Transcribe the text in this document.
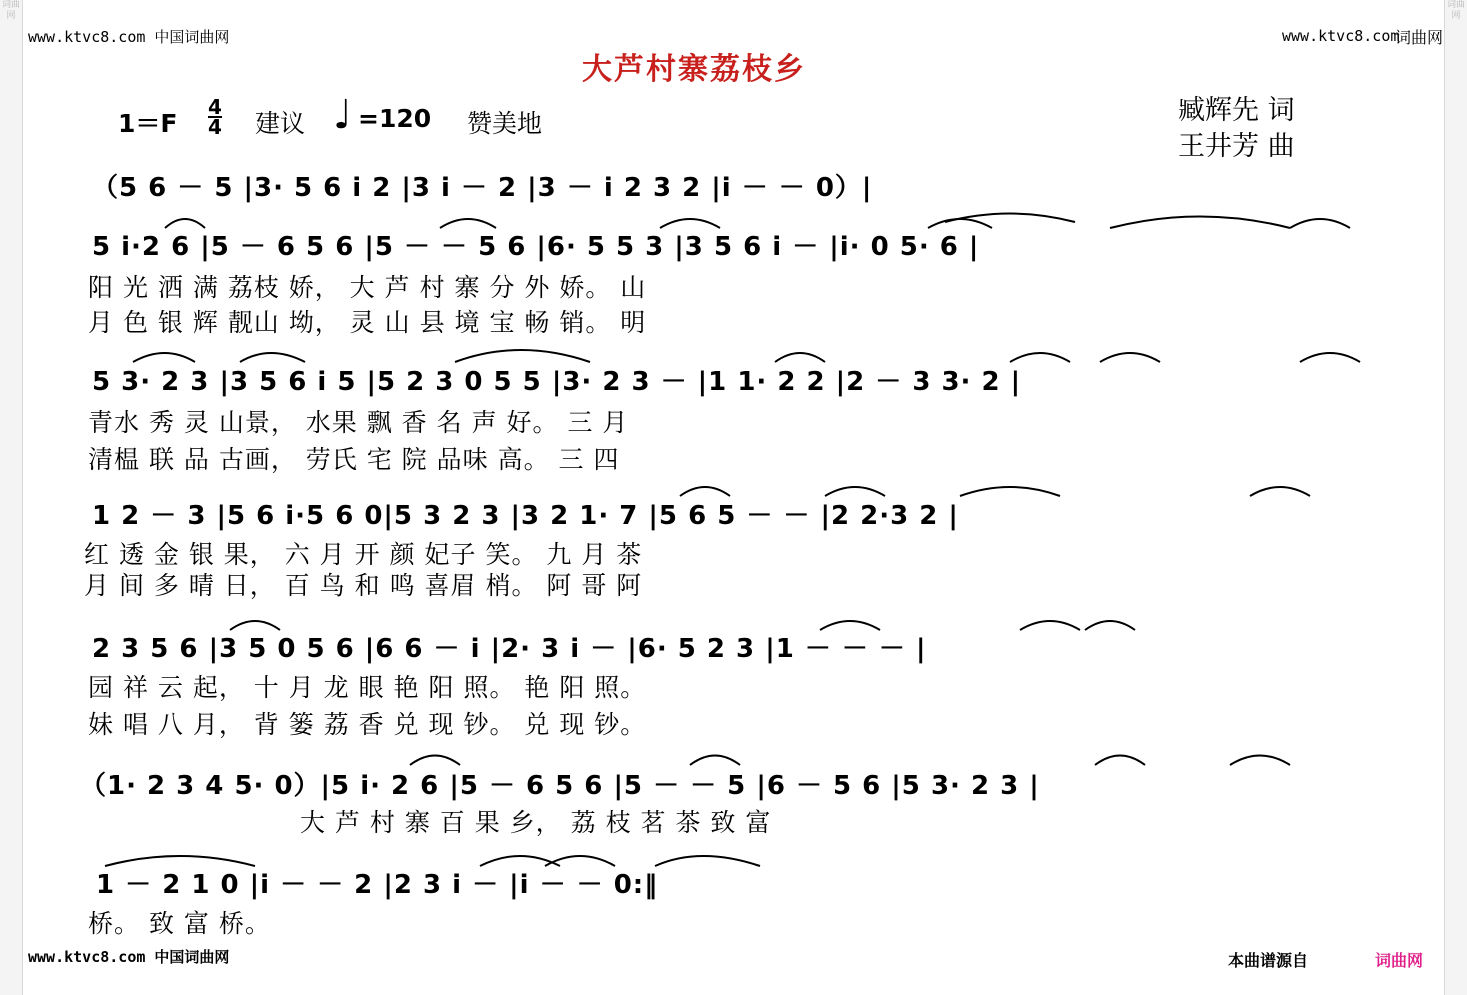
词曲网
词曲网
www.ktvc8.com 中国词曲网	www.ktvc8.com
词曲网
大芦村寨荔枝乡
1＝F
4
4 建议 ♩ =120 赞美地	臧辉先 词
王井芳 曲
（5 6 － 5 |3· 5 6 i 2 |3 i － 2 |3 － i 2 3 2 |i － － 0）|
5 i·2 6 |5 － 6 5 6 |5 － － 5 6 |6· 5 5 3 |3 5 6 i － |i· 0 5· 6 |
阳 光 洒 满 荔枝 娇， 大 芦 村 寨 分 外 娇。 山
月 色 银 辉 靓山 坳， 灵 山 县 境 宝 畅 销。 明
5 3· 2 3 |3 5 6 i 5 |5 2 3 0 5 5 |3· 2 3 － |1 1· 2 2 |2 － 3 3· 2 |
青水 秀 灵 山景， 水果 飘 香 名 声 好。 三 月
清榅 联 品 古画， 劳氏 宅 院 品味 高。 三 四
1 2 － 3 |5 6 i·5 6 0|5 3 2 3 |3 2 1· 7 |5 6 5 － － |2 2·3 2 |
红 透 金 银 果， 六 月 开 颜 妃子 笑。 九 月 茶
月 间 多 晴 日， 百 鸟 和 鸣 喜眉 梢。 阿 哥 阿
2 3 5 6 |3 5 0 5 6 |6 6 － i |2· 3 i － |6· 5 2 3 |1 － － － |
园 祥 云 起， 十 月 龙 眼 艳 阳 照。 艳 阳 照。
妹 唱 八 月， 背 篓 荔 香 兑 现 钞。 兑 现 钞。
（1· 2 3 4 5· 0）|5 i· 2 6 |5 － 6 5 6 |5 － － 5 |6 － 5 6 |5 3· 2 3 |
大 芦 村 寨 百 果 乡， 荔 枝 茗 茶 致 富
1 － 2 1 0 |i － － 2 |2 3 i － |i － － 0:‖
桥。 致 富 桥。
www.ktvc8.com 中国词曲网	本曲谱源自	词曲网
